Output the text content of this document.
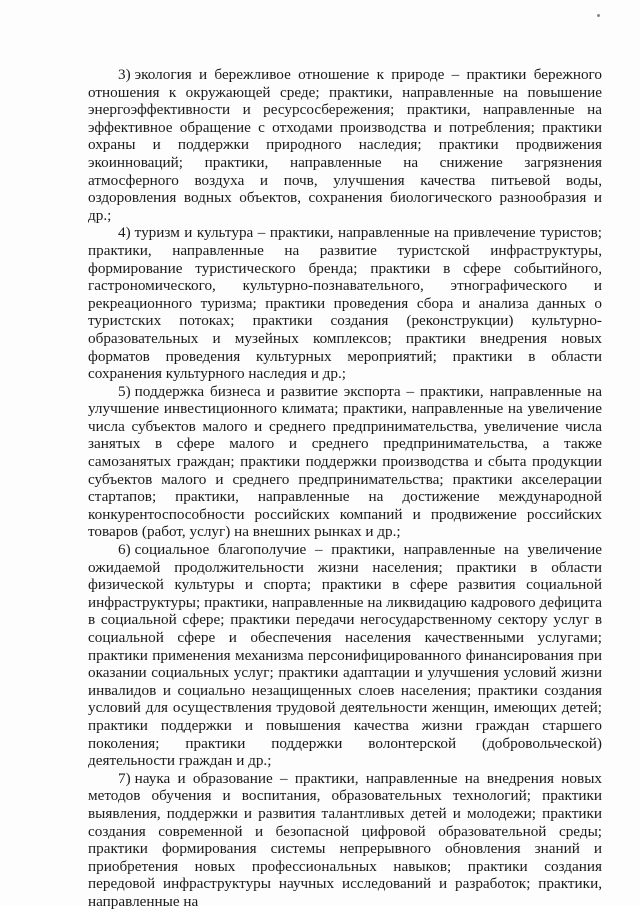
3) экология и бережливое отношение к природе – практики бережного отношения к окружающей среде; практики, направленные на повышение энергоэффективности и ресурсосбережения; практики, направленные на эффективное обращение с отходами производства и потребления; практики охраны и поддержки природного наследия; практики продвижения экоинноваций; практики, направленные на снижение загрязнения атмосферного воздуха и почв, улучшения качества питьевой воды, оздоровления водных объектов, сохранения биологического разнообразия и др.;

4) туризм и культура – практики, направленные на привлечение туристов; практики, направленные на развитие туристской инфраструктуры, формирование туристического бренда; практики в сфере событийного, гастрономического, культурно-познавательного, этнографического и рекреационного туризма; практики проведения сбора и анализа данных о туристских потоках; практики создания (реконструкции) культурно-образовательных и музейных комплексов; практики внедрения новых форматов проведения культурных мероприятий; практики в области сохранения культурного наследия и др.;

5) поддержка бизнеса и развитие экспорта – практики, направленные на улучшение инвестиционного климата; практики, направленные на увеличение числа субъектов малого и среднего предпринимательства, увеличение числа занятых в сфере малого и среднего предпринимательства, а также самозанятых граждан; практики поддержки производства и сбыта продукции субъектов малого и среднего предпринимательства; практики акселерации стартапов; практики, направленные на достижение международной конкурентоспособности российских компаний и продвижение российских товаров (работ, услуг) на внешних рынках и др.;

6) социальное благополучие – практики, направленные на увеличение ожидаемой продолжительности жизни населения; практики в области физической культуры и спорта; практики в сфере развития социальной инфраструктуры; практики, направленные на ликвидацию кадрового дефицита в социальной сфере; практики передачи негосударственному сектору услуг в социальной сфере и обеспечения населения качественными услугами; практики применения механизма персонифицированного финансирования при оказании социальных услуг; практики адаптации и улучшения условий жизни инвалидов и социально незащищенных слоев населения; практики создания условий для осуществления трудовой деятельности женщин, имеющих детей; практики поддержки и повышения качества жизни граждан старшего поколения; практики поддержки волонтерской (добровольческой) деятельности граждан и др.;

7) наука и образование – практики, направленные на внедрения новых методов обучения и воспитания, образовательных технологий; практики выявления, поддержки и развития талантливых детей и молодежи; практики создания современной и безопасной цифровой образовательной среды; практики формирования системы непрерывного обновления знаний и приобретения новых профессиональных навыков; практики создания передовой инфраструктуры научных исследований и разработок; практики, направленные на
